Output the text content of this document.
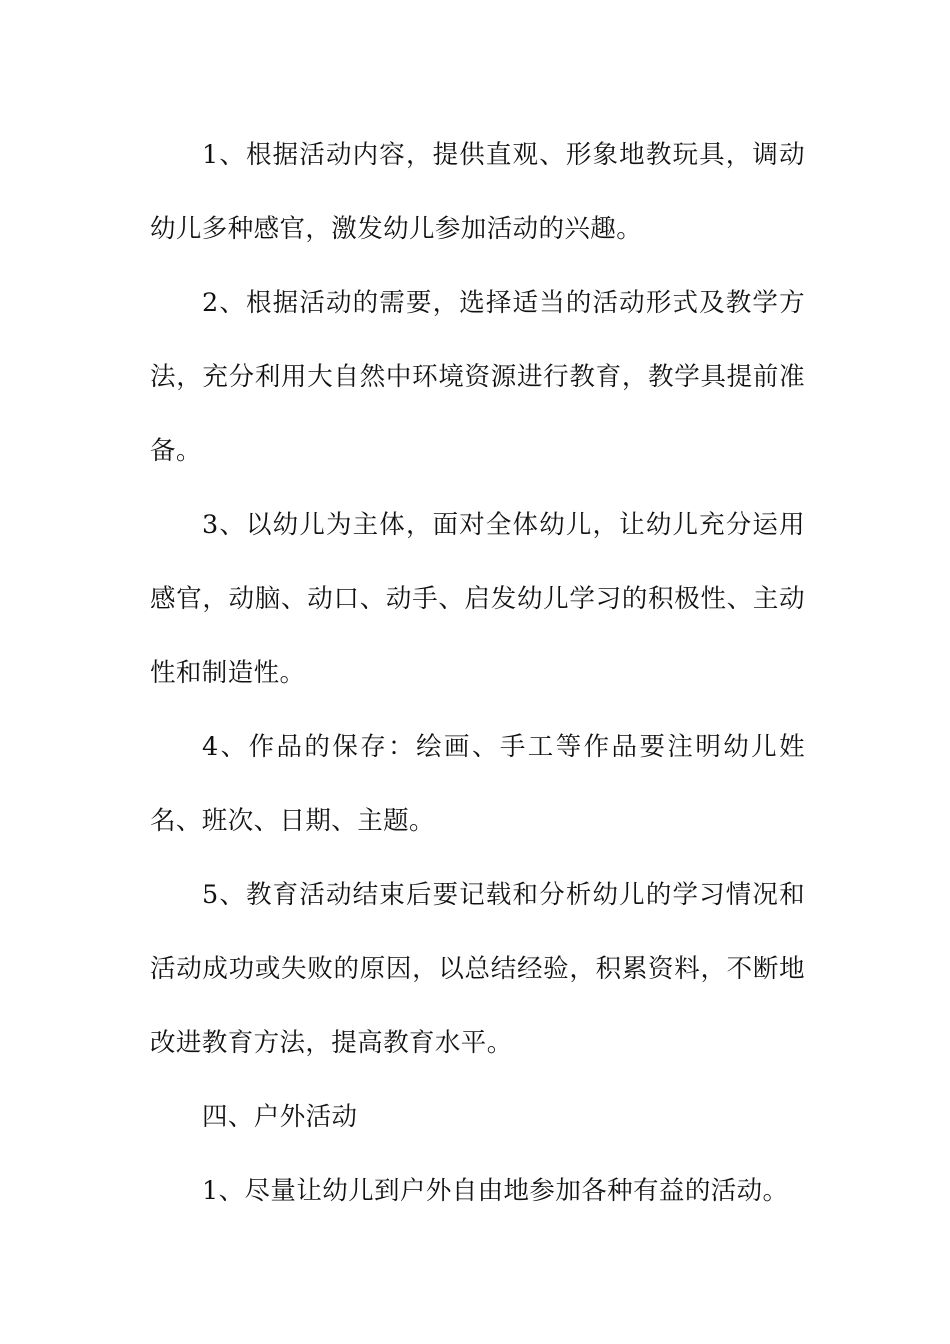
1、根据活动内容，提供直观、形象地教玩具，调动幼儿多种感官，激发幼儿参加活动的兴趣。

2、根据活动的需要，选择适当的活动形式及教学方法，充分利用大自然中环境资源进行教育，教学具提前准备。

3、以幼儿为主体，面对全体幼儿，让幼儿充分运用感官，动脑、动口、动手、启发幼儿学习的积极性、主动性和制造性。

4、作品的保存：绘画、手工等作品要注明幼儿姓名、班次、日期、主题。

5、教育活动结束后要记载和分析幼儿的学习情况和活动成功或失败的原因，以总结经验，积累资料，不断地改进教育方法，提高教育水平。

四、户外活动

1、尽量让幼儿到户外自由地参加各种有益的活动。
